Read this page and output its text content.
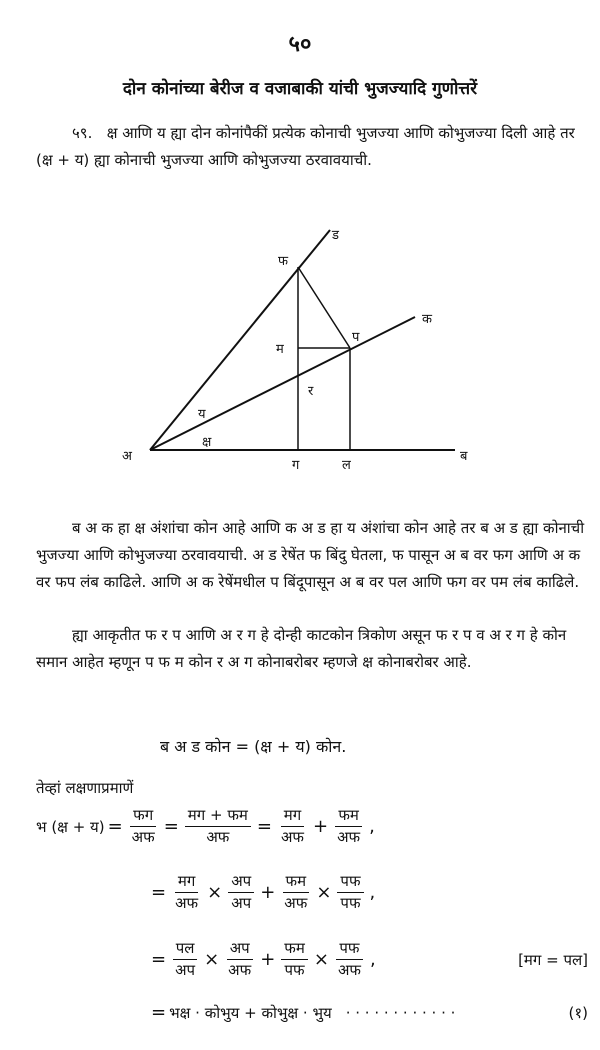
५०
दोन कोनांच्या बेरीज व वजाबाकी यांची भुजज्यादि गुणोत्तरें
५९. क्ष आणि य ह्या दोन कोनांपैकीं प्रत्येक कोनाची भुजज्या आणि कोभुजज्या दिली आहे तर (क्ष + य) ह्या कोनाची भुजज्या आणि कोभुजज्या ठरवावयाची.
अ	ब
ग	ल
म
फ
प
र
क
ड
क्ष
य
ब अ क हा क्ष अंशांचा कोन आहे आणि क अ ड हा य अंशांचा कोन आहे तर ब अ ड ह्या कोनाची भुजज्या आणि कोभुजज्या ठरवावयाची. अ ड रेषेंत फ बिंदु घेतला, फ पासून अ ब वर फग आणि अ क वर फप लंब काढिले. आणि अ क रेषेंमधील प बिंदूपासून अ ब वर पल आणि फग वर पम लंब काढिले.
ह्या आकृतीत फ र प आणि अ र ग हे दोन्ही काटकोन त्रिकोण असून फ र प व अ र ग हे कोन समान आहेत म्हणून प फ म कोन र अ ग कोनाबरोबर म्हणजे क्ष कोनाबरोबर आहे.
ब अ ड कोन = (क्ष + य) कोन.
तेव्हां लक्षणाप्रमाणें
भ (क्ष + य) = $\frac{\text{फग}}{\text{अफ}} = \frac{\text{मग + फम}}{\text{अफ}} = \frac{\text{मग}}{\text{अफ}} + \frac{\text{फम}}{\text{अफ}}$ ,
= $\frac{\text{मग}}{\text{अफ}} \times \frac{\text{अप}}{\text{अप}} + \frac{\text{फम}}{\text{अफ}} \times \frac{\text{पफ}}{\text{पफ}}$ ,
= $\frac{\text{पल}}{\text{अप}} \times \frac{\text{अप}}{\text{अफ}} + \frac{\text{फम}}{\text{पफ}} \times \frac{\text{पफ}}{\text{अफ}}$ ,	[मग = पल]
= भक्ष · कोभुय + कोभुक्ष · भुय · · · · · · · · · · · ·	(१)
